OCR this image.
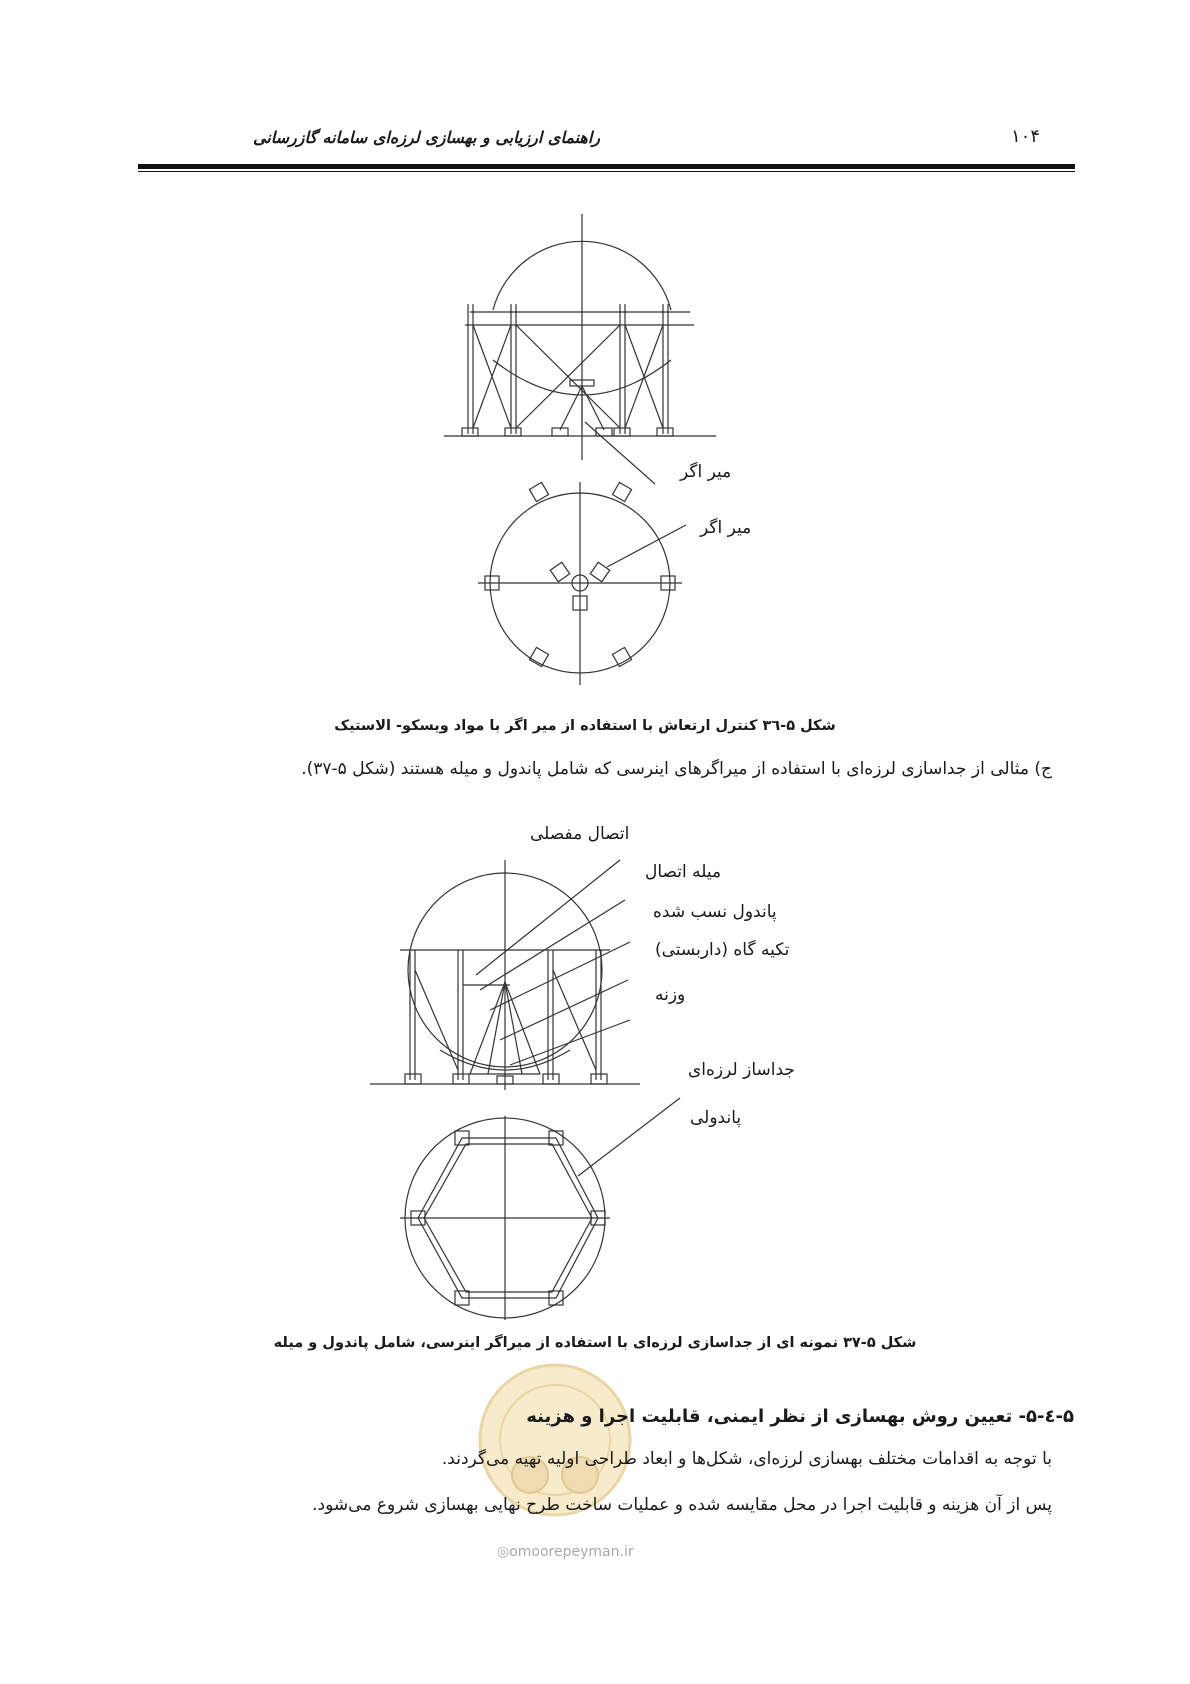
راهنمای ارزیابی و بهسازی لرزه‌ای سامانه گازرسانی	۱۰۴
میر اگر
میر اگر
شکل ۵-۳٦ کنترل ارتعاش با استفاده از میر اگر با مواد ویسکو- الاستیک
ج) مثالی از جداسازی لرزه‌ای با استفاده از میراگرهای اینرسی که شامل پاندول و میله هستند (شکل ۵-۳۷).
اتصال مفصلی
میله اتصال
پاندول نسب شده
تکیه گاه (داربستی)
وزنه
جداساز لرزه‌ای
پاندولی
شکل ۵-۳۷ نمونه ای از جداسازی لرزه‌ای با استفاده از میراگر اینرسی، شامل پاندول و میله
۵-٤-۵- تعیین روش بهسازی از نظر ایمنی، قابلیت اجرا و هزینه
با توجه به اقدامات مختلف بهسازی لرزه‌ای، شکل‌ها و ابعاد طراحی اولیه تهیه می‌گردند.
پس از آن هزینه و قابلیت اجرا در محل مقایسه شده و عملیات ساخت طرح نهایی بهسازی شروع می‌شود.
◎omoorepeyman.ir
